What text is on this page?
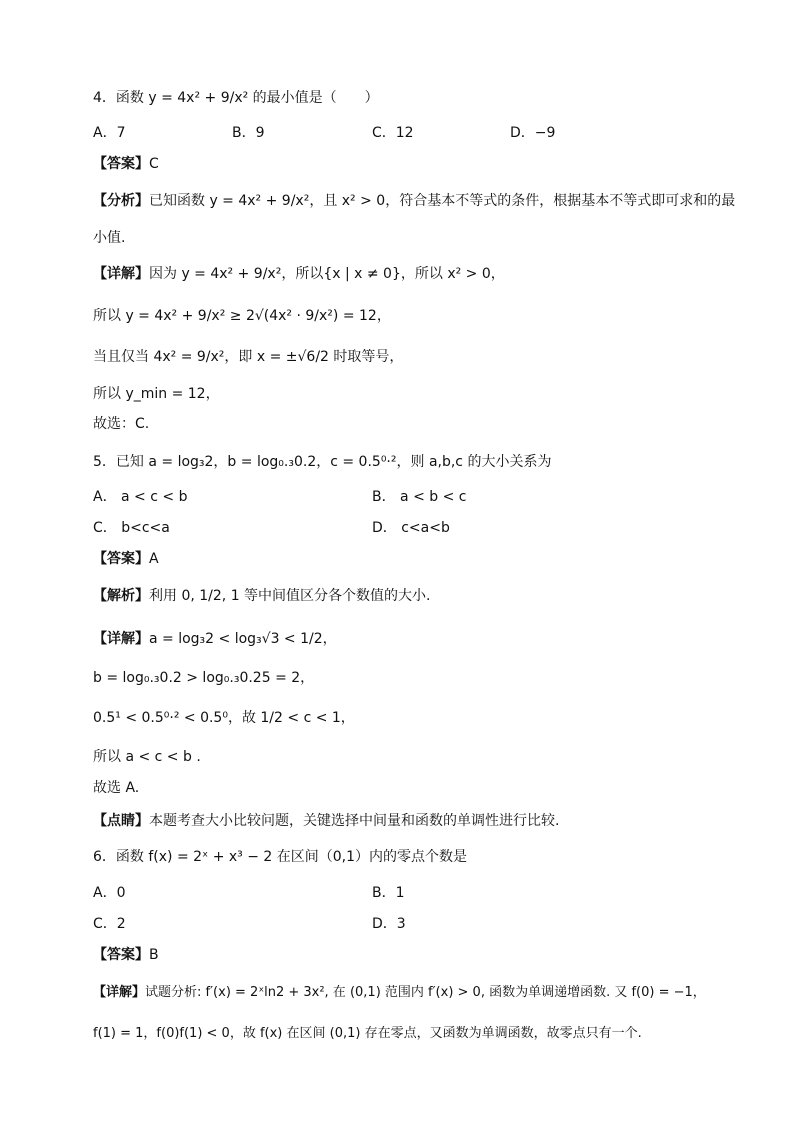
4．函数 y = 4x² + 9/x² 的最小值是（　　）
A．7	B．9	C．12	D．−9
【答案】C
【分析】已知函数 y = 4x² + 9/x²，且 x² > 0，符合基本不等式的条件，根据基本不等式即可求和的最
小值.
【详解】因为 y = 4x² + 9/x²，所以{x | x ≠ 0}，所以 x² > 0，
所以 y = 4x² + 9/x² ≥ 2√(4x² · 9/x²) = 12，
当且仅当 4x² = 9/x²，即 x = ±√6/2 时取等号，
所以 y_min = 12，
故选：C.
5．已知 a = log₃2，b = log₀.₃0.2，c = 0.5⁰·²，则 a,b,c 的大小关系为
A． a < c < b	B． a < b < c
C． b<c<a	D． c<a<b
【答案】A
【解析】利用 0, 1/2, 1 等中间值区分各个数值的大小.
【详解】a = log₃2 < log₃√3 < 1/2，
b = log₀.₃0.2 > log₀.₃0.25 = 2，
0.5¹ < 0.5⁰·² < 0.5⁰，故 1/2 < c < 1，
所以 a < c < b .
故选 A.
【点睛】本题考查大小比较问题，关键选择中间量和函数的单调性进行比较.
6．函数 f(x) = 2ˣ + x³ − 2 在区间（0,1）内的零点个数是
A．0	B．1
C．2	D．3
【答案】B
【详解】试题分析: f′(x) = 2ˣln2 + 3x², 在 (0,1) 范围内 f′(x) > 0, 函数为单调递增函数. 又 f(0) = −1，
f(1) = 1，f(0)f(1) < 0，故 f(x) 在区间 (0,1) 存在零点，又函数为单调函数，故零点只有一个.
